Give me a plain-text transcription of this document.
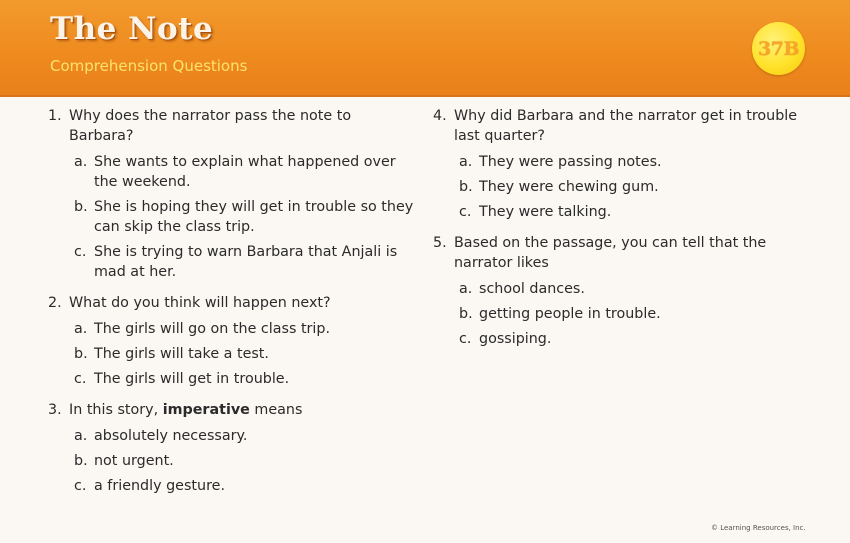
The Note
Comprehension Questions
37B
1. Why does the narrator pass the note to Barbara?
a. She wants to explain what happened over the weekend.
b. She is hoping they will get in trouble so they can skip the class trip.
c. She is trying to warn Barbara that Anjali is mad at her.
2. What do you think will happen next?
a. The girls will go on the class trip.
b. The girls will take a test.
c. The girls will get in trouble.
3. In this story, imperative means
a. absolutely necessary.
b. not urgent.
c. a friendly gesture.
4. Why did Barbara and the narrator get in trouble last quarter?
a. They were passing notes.
b. They were chewing gum.
c. They were talking.
5. Based on the passage, you can tell that the narrator likes
a. school dances.
b. getting people in trouble.
c. gossiping.
© Learning Resources, Inc.
